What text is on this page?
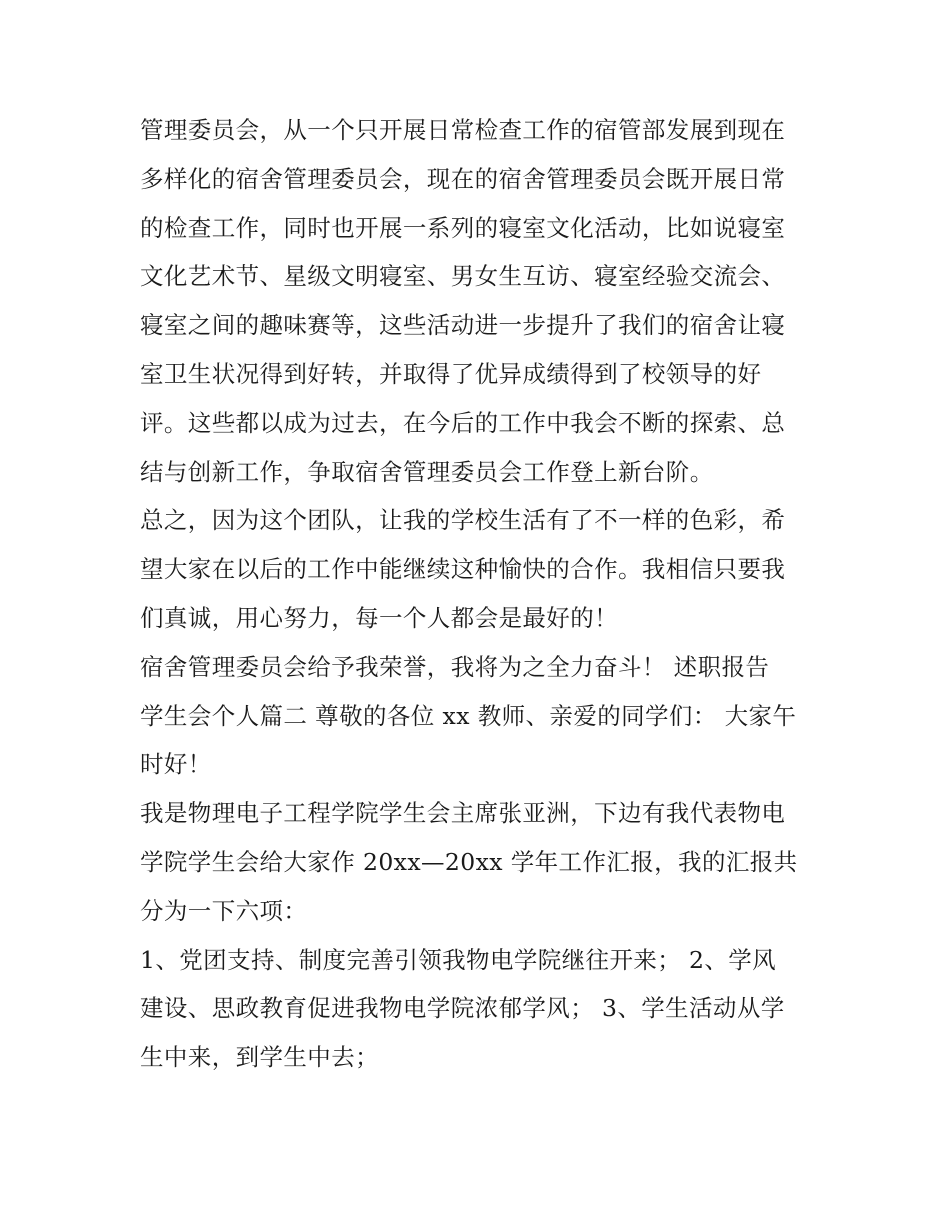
管理委员会，从一个只开展日常检查工作的宿管部发展到现在
多样化的宿舍管理委员会，现在的宿舍管理委员会既开展日常
的检查工作，同时也开展一系列的寝室文化活动，比如说寝室
文化艺术节、星级文明寝室、男女生互访、寝室经验交流会、
寝室之间的趣味赛等，这些活动进一步提升了我们的宿舍让寝
室卫生状况得到好转，并取得了优异成绩得到了校领导的好
评。这些都以成为过去，在今后的工作中我会不断的探索、总
结与创新工作，争取宿舍管理委员会工作登上新台阶。

总之，因为这个团队，让我的学校生活有了不一样的色彩，希
望大家在以后的工作中能继续这种愉快的合作。我相信只要我
们真诚，用心努力，每一个人都会是最好的！

宿舍管理委员会给予我荣誉，我将为之全力奋斗！ 述职报告
学生会个人篇二 尊敬的各位 xx 教师、亲爱的同学们： 大家午
时好！

我是物理电子工程学院学生会主席张亚洲，下边有我代表物电
学院学生会给大家作 20xx—20xx 学年工作汇报，我的汇报共
分为一下六项：

1、党团支持、制度完善引领我物电学院继往开来； 2、学风
建设、思政教育促进我物电学院浓郁学风； 3、学生活动从学
生中来，到学生中去；
